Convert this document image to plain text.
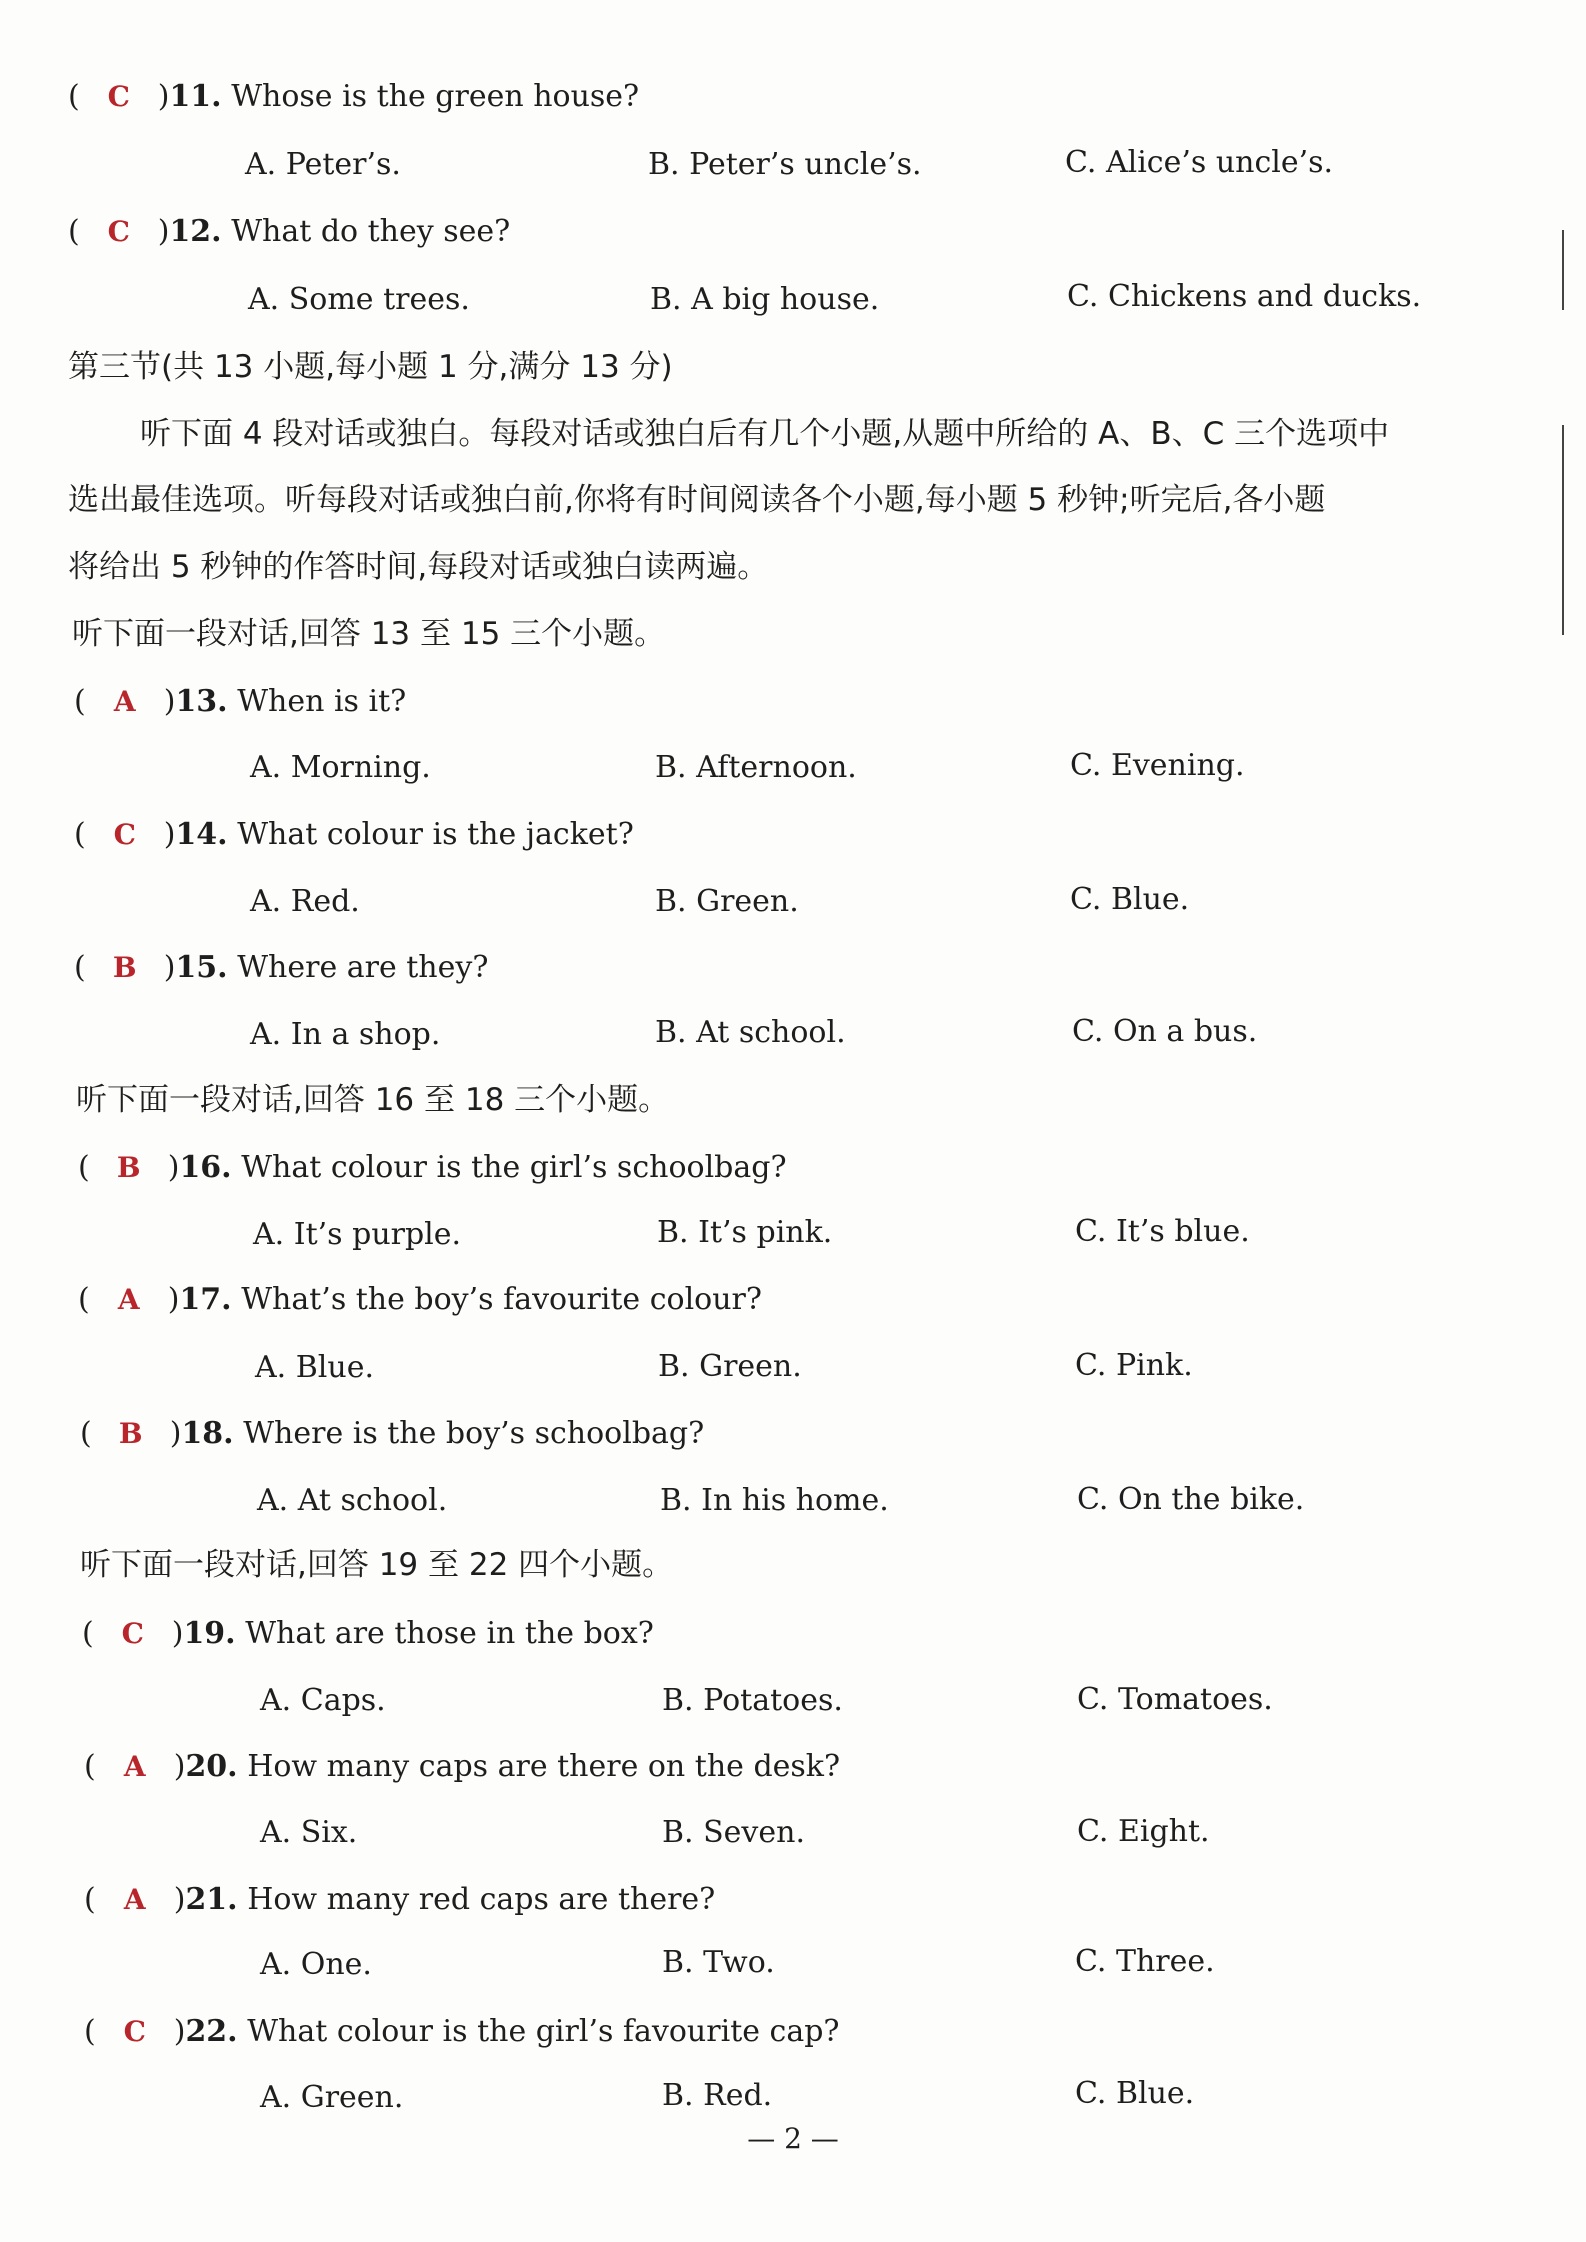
( C )11. Whose is the green house?
A. Peter’s.	B. Peter’s uncle’s.	C. Alice’s uncle’s.
( C )12. What do they see?
A. Some trees.	B. A big house.	C. Chickens and ducks.
第三节(共 13 小题,每小题 1 分,满分 13 分)
听下面 4 段对话或独白。每段对话或独白后有几个小题,从题中所给的 A、B、C 三个选项中
选出最佳选项。听每段对话或独白前,你将有时间阅读各个小题,每小题 5 秒钟;听完后,各小题
将给出 5 秒钟的作答时间,每段对话或独白读两遍。
听下面一段对话,回答 13 至 15 三个小题。
( A )13. When is it?
A. Morning.	B. Afternoon.	C. Evening.
( C )14. What colour is the jacket?
A. Red.	B. Green.	C. Blue.
( B )15. Where are they?
A. In a shop.	B. At school.	C. On a bus.
听下面一段对话,回答 16 至 18 三个小题。
( B )16. What colour is the girl’s schoolbag?
A. It’s purple.	B. It’s pink.	C. It’s blue.
( A )17. What’s the boy’s favourite colour?
A. Blue.	B. Green.	C. Pink.
( B )18. Where is the boy’s schoolbag?
A. At school.	B. In his home.	C. On the bike.
听下面一段对话,回答 19 至 22 四个小题。
( C )19. What are those in the box?
A. Caps.	B. Potatoes.	C. Tomatoes.
( A )20. How many caps are there on the desk?
A. Six.	B. Seven.	C. Eight.
( A )21. How many red caps are there?
A. One.	B. Two.	C. Three.
( C )22. What colour is the girl’s favourite cap?
A. Green.	B. Red.	C. Blue.
— 2 —
